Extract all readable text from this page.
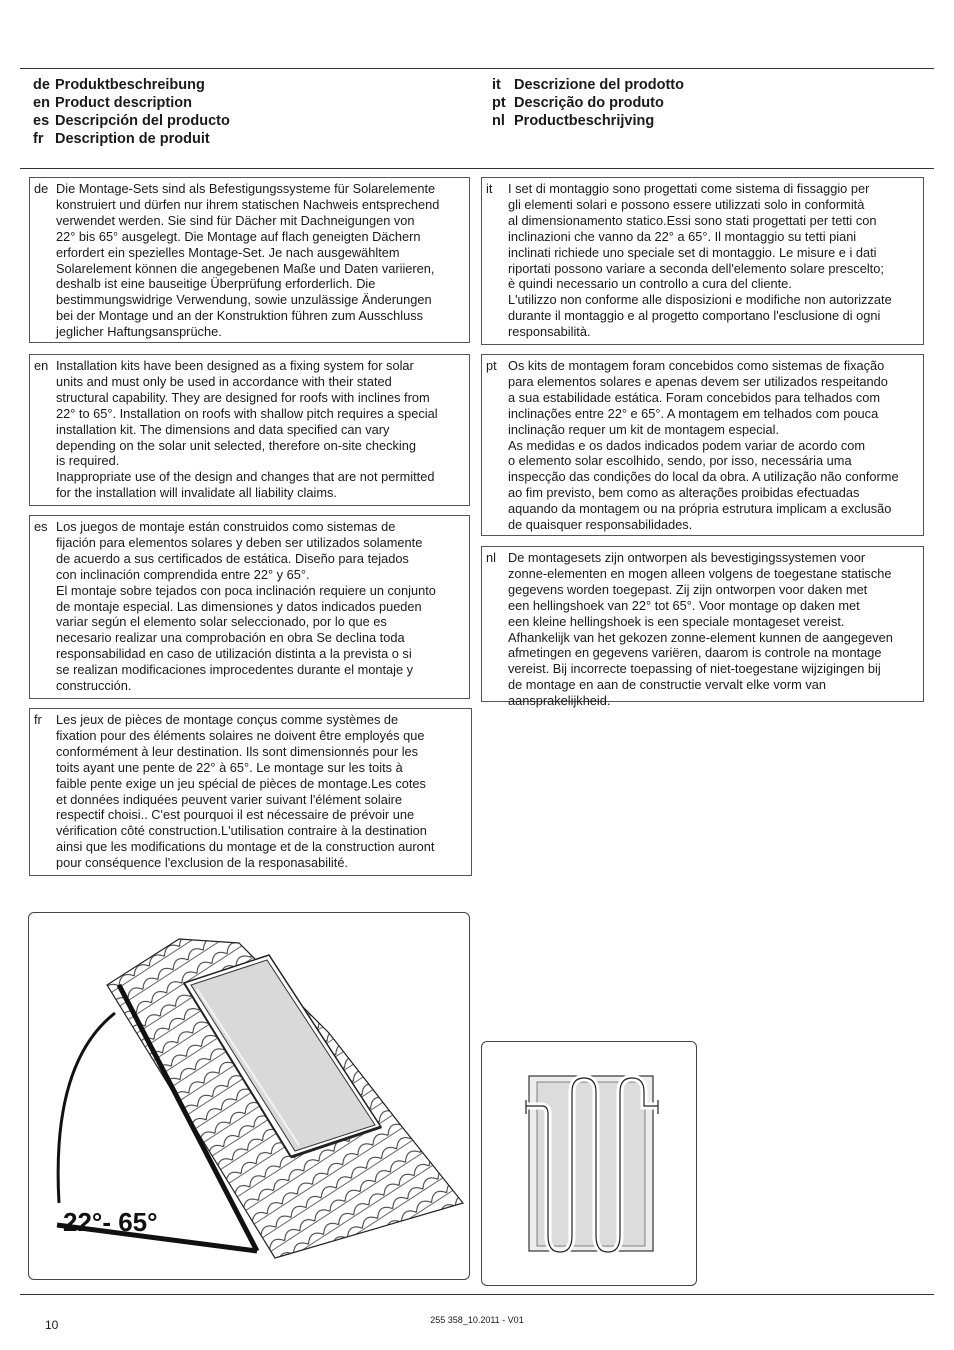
de Produktbeschreibung
en Product description
es Descripción del producto
fr Description de produit
it Descrizione del prodotto
pt Descrição do produto
nl Productbeschrijving
de Die Montage-Sets sind als Befestigungssysteme für Solarelemente
konstruiert und dürfen nur ihrem statischen Nachweis entsprechend
verwendet werden. Sie sind für Dächer mit Dachneigungen von
22° bis 65° ausgelegt. Die Montage auf flach geneigten Dächern
erfordert ein spezielles Montage-Set. Je nach ausgewähltem
Solarelement können die angegebenen Maße und Daten variieren,
deshalb ist eine bauseitige Überprüfung erforderlich. Die
bestimmungswidrige Verwendung, sowie unzulässige Änderungen
bei der Montage und an der Konstruktion führen zum Ausschluss
jeglicher Haftungsansprüche.
en Installation kits have been designed as a fixing system for solar
units and must only be used in accordance with their stated
structural capability. They are designed for roofs with inclines from
22° to 65°. Installation on roofs with shallow pitch requires a special
installation kit. The dimensions and data specified can vary
depending on the solar unit selected, therefore on-site checking
is required.
Inappropriate use of the design and changes that are not permitted
for the installation will invalidate all liability claims.
es Los juegos de montaje están construidos como sistemas de
fijación para elementos solares y deben ser utilizados solamente
de acuerdo a sus certificados de estática. Diseño para tejados
con inclinación comprendida entre 22° y 65°.
El montaje sobre tejados con poca inclinación requiere un conjunto
de montaje especial. Las dimensiones y datos indicados pueden
variar según el elemento solar seleccionado, por lo que es
necesario realizar una comprobación en obra Se declina toda
responsabilidad en caso de utilización distinta a la prevista o si
se realizan modificaciones improcedentes durante el montaje y
construcción.
fr	Les jeux de pièces de montage conçus comme systèmes de
fixation pour des éléments solaires ne doivent être employés que
conformément à leur destination. Ils sont dimensionnés pour les
toits ayant une pente de 22° à 65°. Le montage sur les toits à
faible pente exige un jeu spécial de pièces de montage.Les cotes
et données indiquées peuvent varier suivant l'élément solaire
respectif choisi.. C'est pourquoi il est nécessaire de prévoir une
vérification côté construction.L'utilisation contraire à la destination
ainsi que les modifications du montage et de la construction auront
pour conséquence l'exclusion de la responasabilité.
it	I set di montaggio sono progettati come sistema di fissaggio per
gli elementi solari e possono essere utilizzati solo in conformità
al dimensionamento statico.Essi sono stati progettati per tetti con
inclinazioni che vanno da 22° a 65°. Il montaggio su tetti piani
inclinati richiede uno speciale set di montaggio. Le misure e i dati
riportati possono variare a seconda dell'elemento solare prescelto;
è quindi necessario un controllo a cura del cliente.
L'utilizzo non conforme alle disposizioni e modifiche non autorizzate
durante il montaggio e al progetto comportano l'esclusione di ogni
responsabilità.
pt Os kits de montagem foram concebidos como sistemas de fixação
para elementos solares e apenas devem ser utilizados respeitando
a sua estabilidade estática. Foram concebidos para telhados com
inclinações entre 22° e 65°. A montagem em telhados com pouca
inclinação requer um kit de montagem especial.
As medidas e os dados indicados podem variar de acordo com
o elemento solar escolhido, sendo, por isso, necessária uma
inspecção das condições do local da obra. A utilização não conforme
ao fim previsto, bem como as alterações proibidas efectuadas
aquando da montagem ou na própria estrutura implicam a exclusão
de quaisquer responsabilidades.
nl De montagesets zijn ontworpen als bevestigingssystemen voor
zonne-elementen en mogen alleen volgens de toegestane statische
gegevens worden toegepast. Zij zijn ontworpen voor daken met
een hellingshoek van 22° tot 65°. Voor montage op daken met
een kleine hellingshoek is een speciale montageset vereist.
Afhankelijk van het gekozen zonne-element kunnen de aangegeven
afmetingen en gegevens variëren, daarom is controle na montage
vereist. Bij incorrecte toepassing of niet-toegestane wijzigingen bij
de montage en aan de constructie vervalt elke vorm van
aansprakelijkheid.
22°- 65°
10	255 358_10.2011 - V01
